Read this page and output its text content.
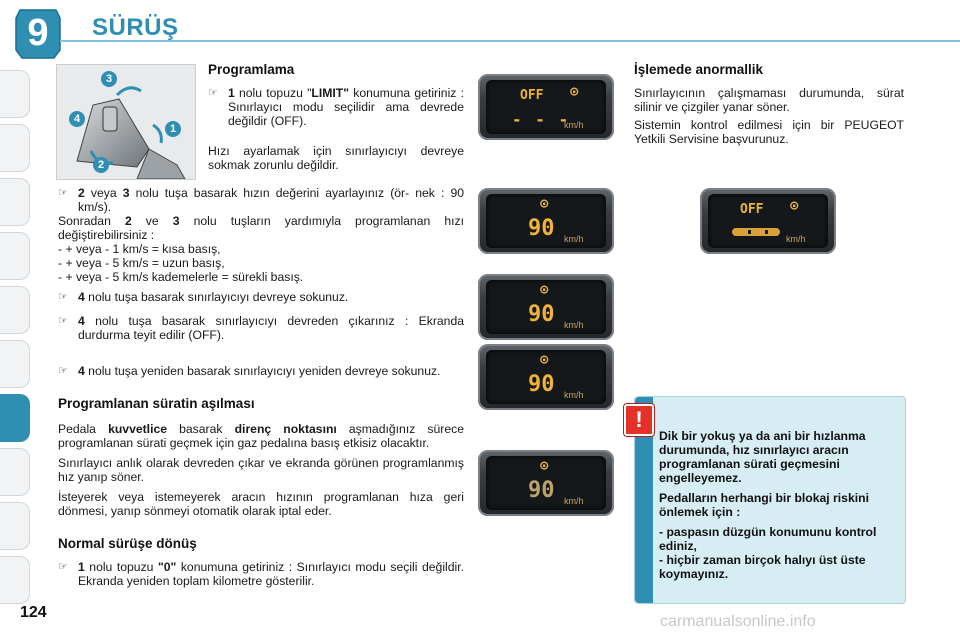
9	SÜRÜŞ
3
4
1
2
Programlama
☞ 1 nolu topuzu "LIMIT" konumuna getiriniz : Sınırlayıcı modu seçilidir ama devrede değildir (OFF).
Hızı ayarlamak için sınırlayıcıyı devreye sokmak zorunlu değildir.
☞ 2 veya 3 nolu tuşa basarak hızın değerini ayarlayınız (ör- nek : 90 km/s).
Sonradan 2 ve 3 nolu tuşların yardımıyla programlanan hızı değiştirebilirsiniz :
- + veya - 1 km/s = kısa basış,
- + veya - 5 km/s = uzun basış,
- + veya - 5 km/s kademelerle = sürekli basış.
☞ 4 nolu tuşa basarak sınırlayıcıyı devreye sokunuz.
☞ 4 nolu tuşa basarak sınırlayıcıyı devreden çıkarınız : Ekranda durdurma teyit edilir (OFF).
☞ 4 nolu tuşa yeniden basarak sınırlayıcıyı yeniden devreye sokunuz.
Programlanan süratin aşılması
Pedala kuvvetlice basarak direnç noktasını aşmadığınız sürece programlanan sürati geçmek için gaz pedalına basış etkisiz olacaktır.
Sınırlayıcı anlık olarak devreden çıkar ve ekranda görünen programlanmış hız yanıp söner.
İsteyerek veya istemeyerek aracın hızının programlanan hıza geri dönmesi, yanıp sönmeyi otomatik olarak iptal eder.
Normal sürüşe dönüş
☞ 1 nolu topuzu "0" konumuna getiriniz : Sınırlayıcı modu seçili değildir. Ekranda yeniden toplam kilometre gösterilir.
OFF ⊙
- - -
km/h
⊙
90 km/h
⊙
90 km/h
⊙
90 km/h
⊙
90 km/h
OFF ⊙
km/h
İşlemede anormallik
Sınırlayıcının çalışmaması durumunda, sürat silinir ve çizgiler yanar söner.
Sistemin kontrol edilmesi için bir PEUGEOT Yetkili Servisine başvurunuz.

Dik bir yokuş ya da ani bir hızlanma durumunda, hız sınırlayıcı aracın programlanan sürati geçmesini engelleyemez.

Pedalların herhangi bir blokaj riskini önlemek için :

- paspasın düzgün konumunu kontrol ediniz,

- hiçbir zaman birçok halıyı üst üste koymayınız.

!
124
carmanualsonline.info
